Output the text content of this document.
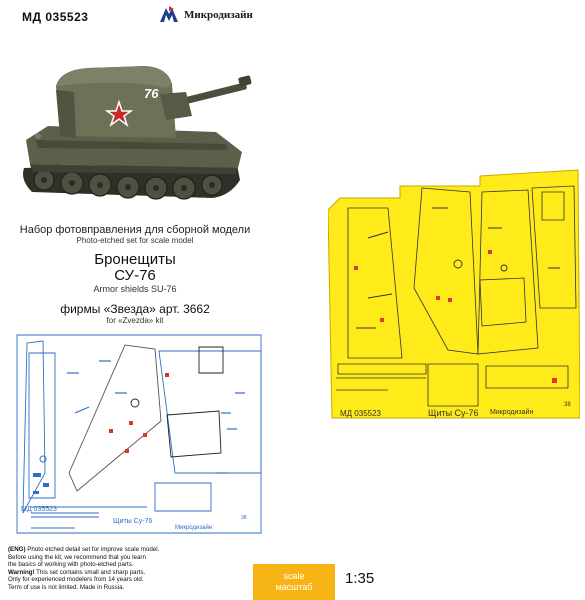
МД 035523	Микродизайн
76
Набор фотовправления для сборной модели
Photo-etched set for scale model
Бронещиты
СУ-76
Armor shields SU-76
фирмы «Звезда» арт. 3662
for «Zvezda» kit
МД 035523
Щиты Су-76
Микродизайн
38
МД 035523	Щиты Су-76 Микродизайн
38
(ENG) Photo etched detail set for improve scale model.
Before using the kit, we recommend that you learn
the basics of working with photo-etched parts.
Warning! This set contains small and sharp parts.
Only for experienced modelers from 14 years old.
Term of use is not limited. Made in Russia.
scale
масштаб 1:35
